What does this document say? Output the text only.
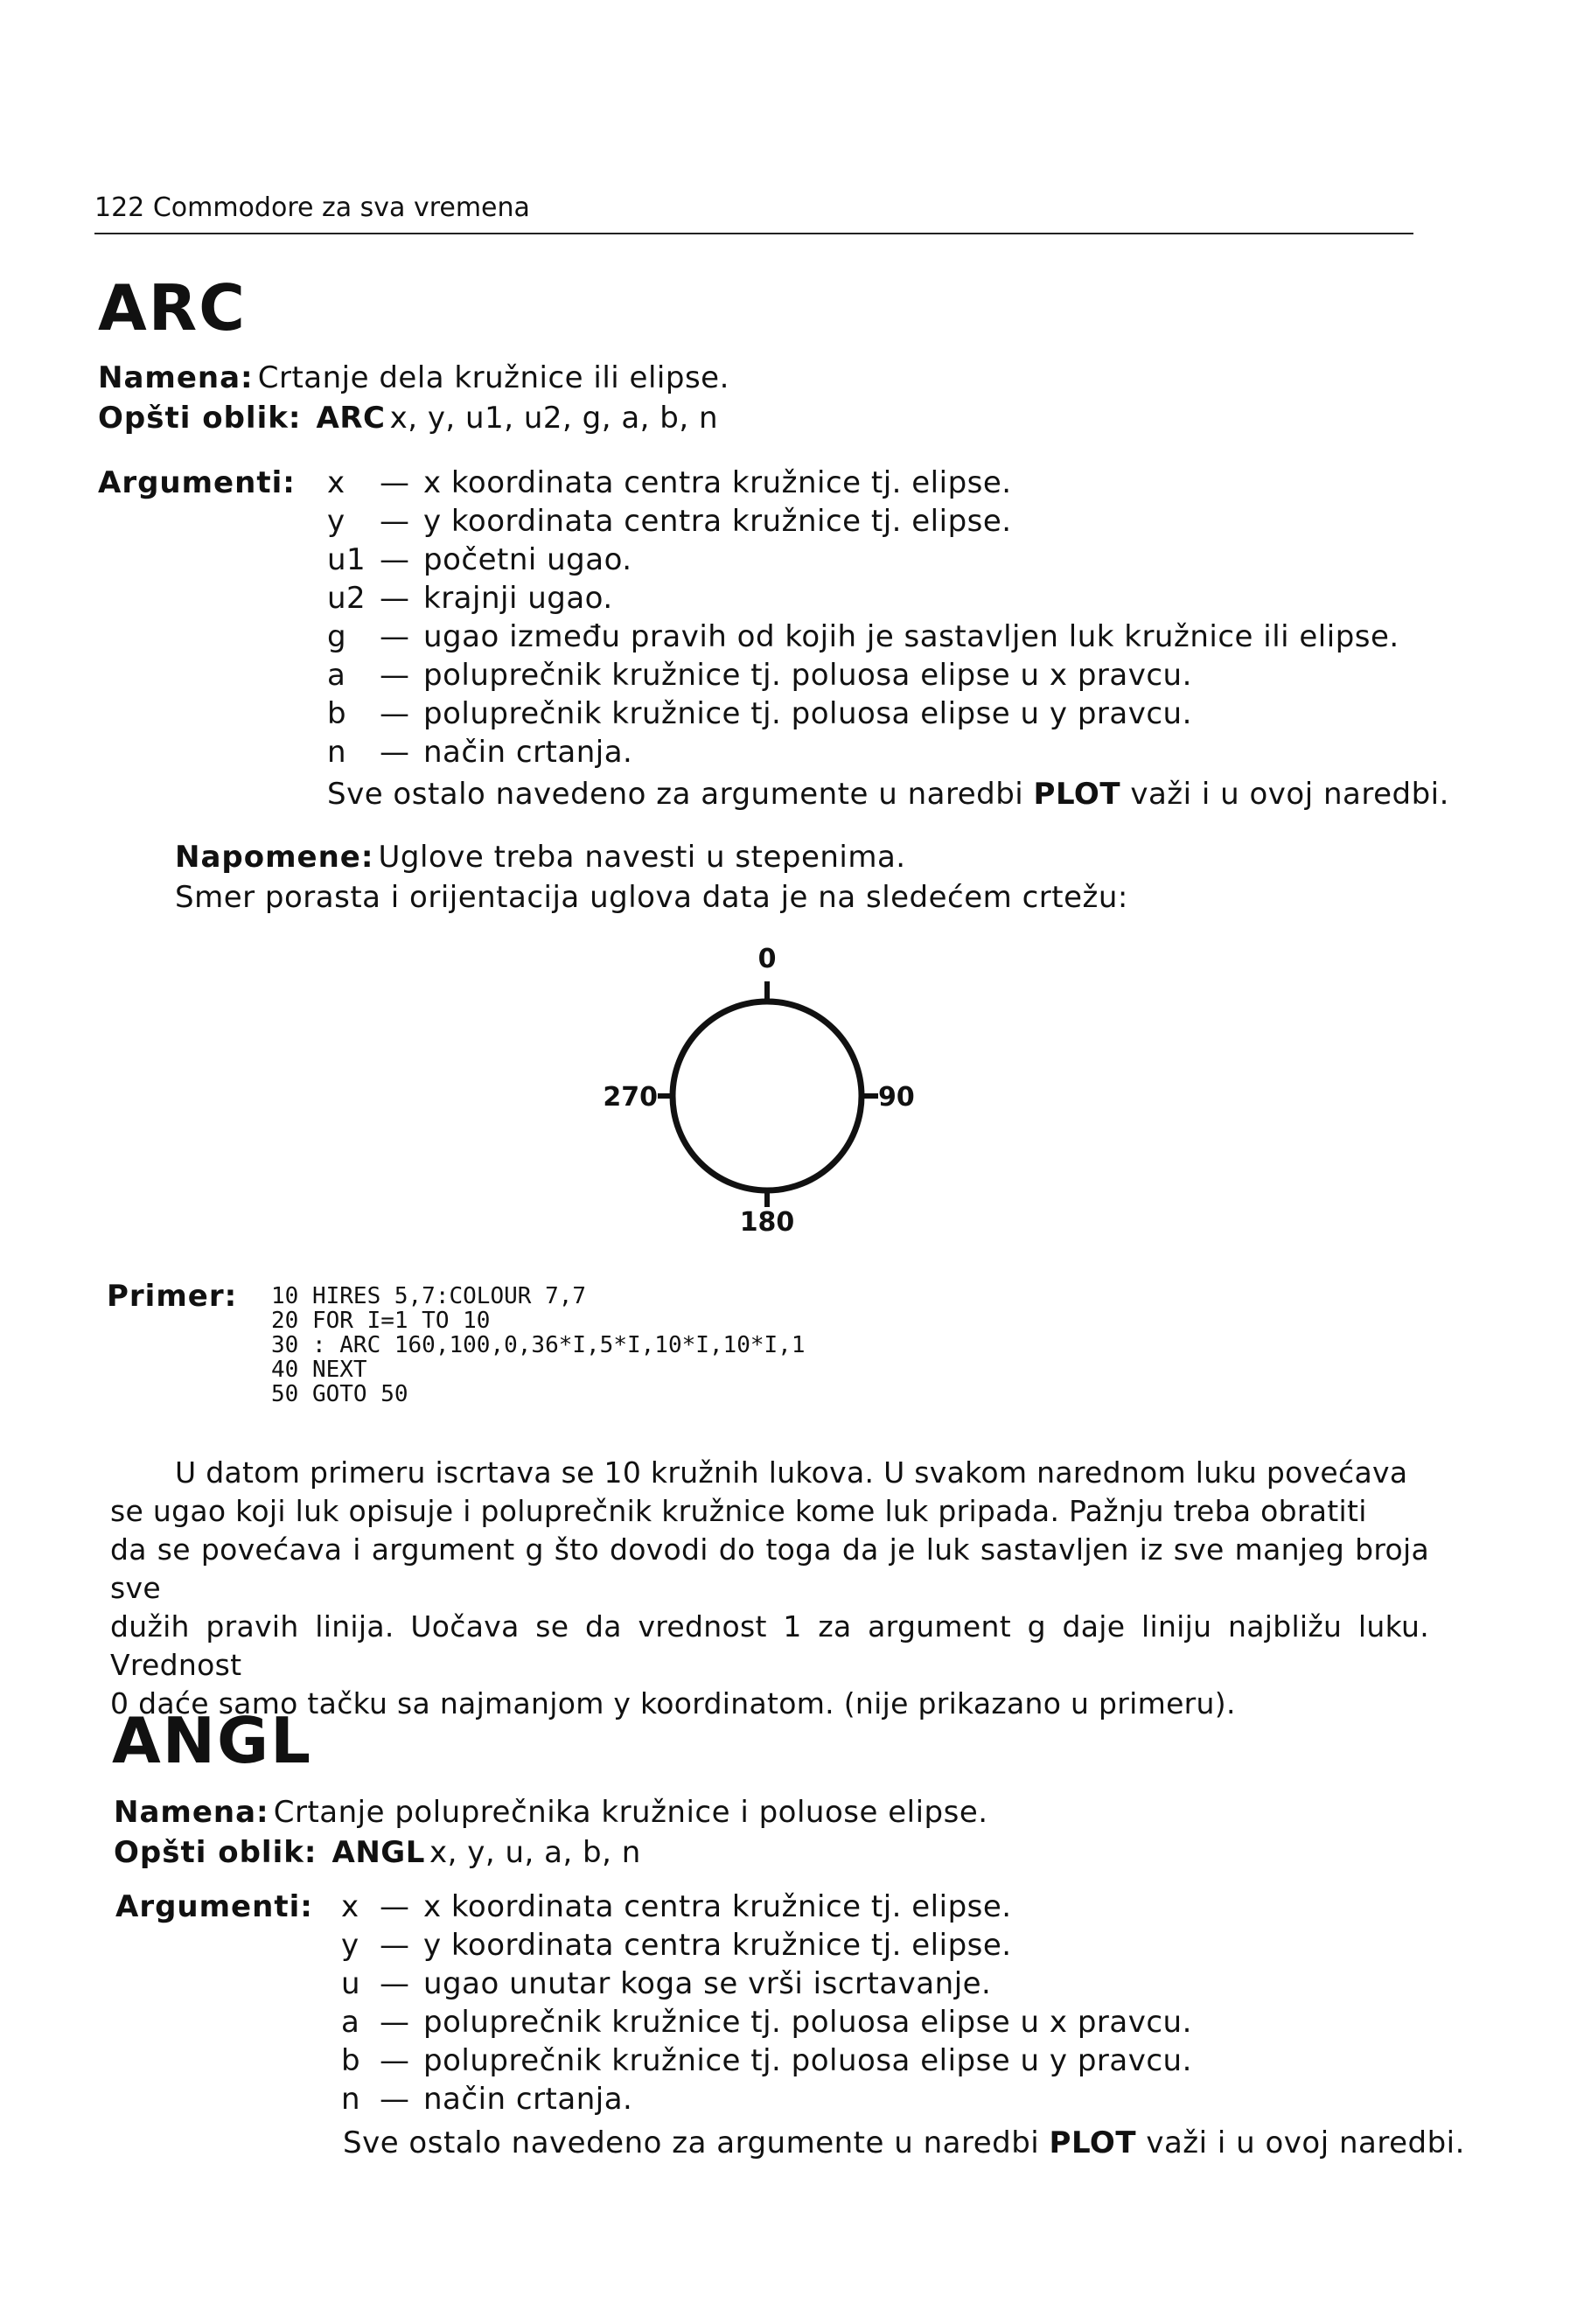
122 Commodore za sva vremena
ARC
Namena: Crtanje dela kružnice ili elipse.
Opšti oblik: ARC x, y, u1, u2, g, a, b, n
Argumenti: x	—	x koordinata centra kružnice tj. elipse.
y	—	y koordinata centra kružnice tj. elipse.
u1	—	početni ugao.
u2	—	krajnji ugao.
g	—	ugao između pravih od kojih je sastavljen luk kružnice ili elipse.
a	—	poluprečnik kružnice tj. poluosa elipse u x pravcu.
b	—	poluprečnik kružnice tj. poluosa elipse u y pravcu.
n	—	način crtanja.
Sve ostalo navedeno za argumente u naredbi PLOT važi i u ovoj naredbi.
Napomene: Uglove treba navesti u stepenima.
Smer porasta i orijentacija uglova data je na sledećem crtežu:
0
90
180
270
Primer: 10 HIRES 5,7:COLOUR 7,7
20 FOR I=1 TO 10
30 : ARC 160,100,0,36*I,5*I,10*I,10*I,1
40 NEXT
50 GOTO 50

U datom primeru iscrtava se 10 kružnih lukova. U svakom narednom luku povećava

se ugao koji luk opisuje i poluprečnik kružnice kome luk pripada. Pažnju treba obratiti

da se povećava i argument g što dovodi do toga da je luk sastavljen iz sve manjeg broja sve

dužih pravih linija. Uočava se da vrednost 1 za argument g daje liniju najbližu luku. Vrednost

0 daće samo tačku sa najmanjom y koordinatom. (nije prikazano u primeru).

ANGL
Namena: Crtanje poluprečnika kružnice i poluose elipse.
Opšti oblik: ANGL x, y, u, a, b, n
Argumenti: x	—	x koordinata centra kružnice tj. elipse.
y	—	y koordinata centra kružnice tj. elipse.
u	—	ugao unutar koga se vrši iscrtavanje.
a	—	poluprečnik kružnice tj. poluosa elipse u x pravcu.
b	—	poluprečnik kružnice tj. poluosa elipse u y pravcu.
n	—	način crtanja.
Sve ostalo navedeno za argumente u naredbi PLOT važi i u ovoj naredbi.
